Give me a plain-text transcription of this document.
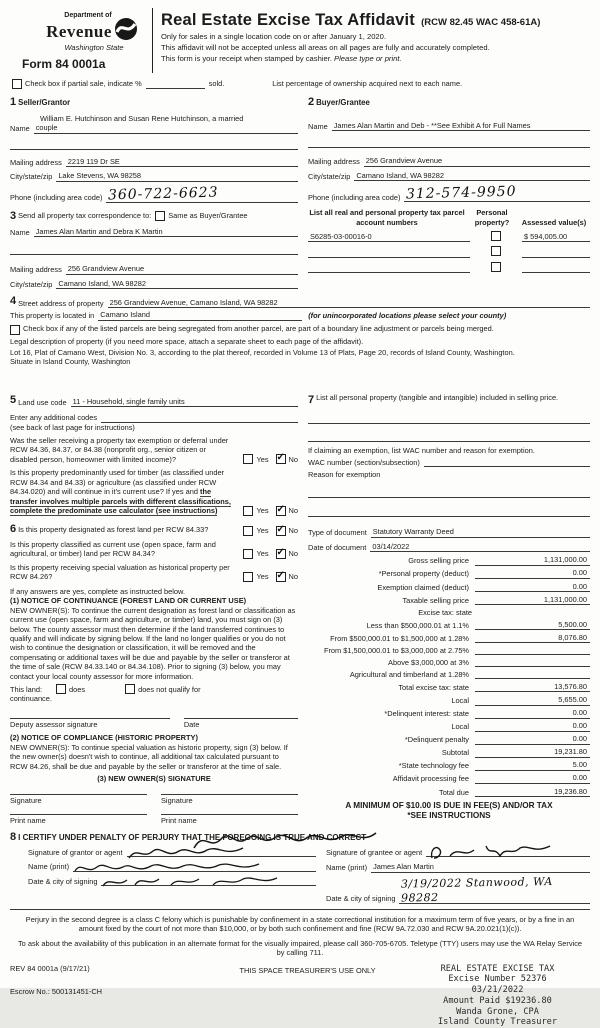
Department of
Revenue
Washington State
Form 84 0001a
Real Estate Excise Tax Affidavit (RCW 82.45 WAC 458-61A)
Only for sales in a single location code on or after January 1, 2020.
This affidavit will not be accepted unless all areas on all pages are fully and accurately completed.
This form is your receipt when stamped by cashier. Please type or print.
Check box if partial sale, indicate %	sold.	List percentage of ownership acquired next to each name.
1 Seller/Grantor
William E. Hutchinson and Susan Rene Hutchinson, a married
Name couple
Mailing address 2219 119 Dr SE
City/state/zip Lake Stevens, WA 98258
Phone (including area code) 360-722-6623
3 Send all property tax correspondence to: Same as Buyer/Grantee
Name James Alan Martin and Debra K Martin
Mailing address 256 Grandview Avenue
City/state/zip Camano Island, WA 98282
2 Buyer/Grantee
Name James Alan Martin and Deb - **See Exhibit A for Full Names
Mailing address 256 Grandview Avenue
City/state/zip Camano Island, WA 98282
Phone (including area code) 312-574-9950
List all real and personal property tax parcel account numbers
Personal property?	Assessed value(s)
S6285-03-00016-0	$ 594,005.00
4 Street address of property 256 Grandview Avenue, Camano Island, WA 98282
This property is located in Camano Island	(for unincorporated locations please select your county)
Check box if any of the listed parcels are being segregated from another parcel, are part of a boundary line adjustment or parcels being merged.
Legal description of property (if you need more space, attach a separate sheet to each page of the affidavit).
Lot 16, Plat of Camano West, Division No. 3, according to the plat thereof, recorded in Volume 13 of Plats, Page 20, records of Island County, Washington.
Situate in Island County, Washington
5 Land use code 11 - Household, single family units
Enter any additional codes
(see back of last page for instructions)
Was the seller receiving a property tax exemption or deferral under RCW 84.36, 84.37, or 84.38 (nonprofit org., senior citizen or disabled person, homeowner with limited income)?	Yes ✓	No
Is this property predominantly used for timber (as classified under RCW 84.34 and 84.33) or agriculture (as classified under RCW 84.34.020) and will continue in it's current use? If yes and the transfer involves multiple parcels with different classifications, complete the predominate use calculator (see instructions)	Yes ✓	No
6 Is this property designated as forest land per RCW 84.33?	Yes ✓	No
Is this property classified as current use (open space, farm and agricultural, or timber) land per RCW 84.34?	Yes ✓	No
Is this property receiving special valuation as historical property per RCW 84.26?	Yes ✓	No
If any answers are yes, complete as instructed below.
(1) NOTICE OF CONTINUANCE (FOREST LAND OR CURRENT USE)
NEW OWNER(S): To continue the current designation as forest land or classification as current use (open space, farm and agriculture, or timber) land, you must sign on (3) below. The county assessor must then determine if the land transferred continues to qualify and will indicate by signing below. If the land no longer qualifies or you do not wish to continue the designation or classification, it will be removed and the compensating or additional taxes will be due and payable by the seller or transferor at the time of sale (RCW 84.33.140 or 84.34.108). Prior to signing (3) below, you may contact your local county assessor for more information.
This land:	does	does not qualify for
continuance.
Deputy assessor signature	Date
(2) NOTICE OF COMPLIANCE (HISTORIC PROPERTY)
NEW OWNER(S): To continue special valuation as historic property, sign (3) below. If the new owner(s) doesn't wish to continue, all additional tax calculated pursuant to RCW 84.26, shall be due and payable by the seller or transferor at the time of sale.
(3) NEW OWNER(S) SIGNATURE
Signature
Print name
Signature
Print name
7 List all personal property (tangible and intangible) included in selling price.
If claiming an exemption, list WAC number and reason for exemption.
WAC number (section/subsection)
Reason for exemption
Type of document Statutory Warranty Deed
Date of document 03/14/2022
Gross selling price	1,131,000.00
*Personal property (deduct)	0.00
Exemption claimed (deduct)	0.00
Taxable selling price	1,131,000.00
Excise tax: state
Less than $500,000.01 at 1.1%	5,500.00
From $500,000.01 to $1,500,000 at 1.28%	8,076.80
From $1,500,000.01 to $3,000,000 at 2.75%
Above $3,000,000 at 3%
Agricultural and timberland at 1.28%
Total excise tax: state	13,576.80
Local	5,655.00
*Delinquent interest: state	0.00
Local	0.00
*Delinquent penalty	0.00
Subtotal	19,231.80
*State technology fee	5.00
Affidavit processing fee	0.00
Total due	19,236.80
A MINIMUM OF $10.00 IS DUE IN FEE(S) AND/OR TAX
*SEE INSTRUCTIONS
8 I CERTIFY UNDER PENALTY OF PERJURY THAT THE FOREGOING IS TRUE AND CORRECT
Signature of grantor or agent
Name (print)
Date & city of signing
Signature of grantee or agent
Name (print) James Alan Martin
Date & city of signing
3/19/2022 Stanwood, WA 98282
Perjury in the second degree is a class C felony which is punishable by confinement in a state correctional institution for a maximum term of five years, or by a fine in an amount fixed by the court of not more than $10,000, or by both such confinement and fine (RCW 9A.72.030 and RCW 9A.20.021(1)(c)).
To ask about the availability of this publication in an alternate format for the visually impaired, please call 360-705-6705. Teletype (TTY) users may use the WA Relay Service by calling 711.
REV 84 0001a (9/17/21)
Escrow No.: 500131451-CH
THIS SPACE TREASURER'S USE ONLY	REAL ESTATE EXCISE TAX
Excise Number 52376
03/21/2022
Amount Paid $19236.80
Wanda Grone, CPA
Island County Treasurer
